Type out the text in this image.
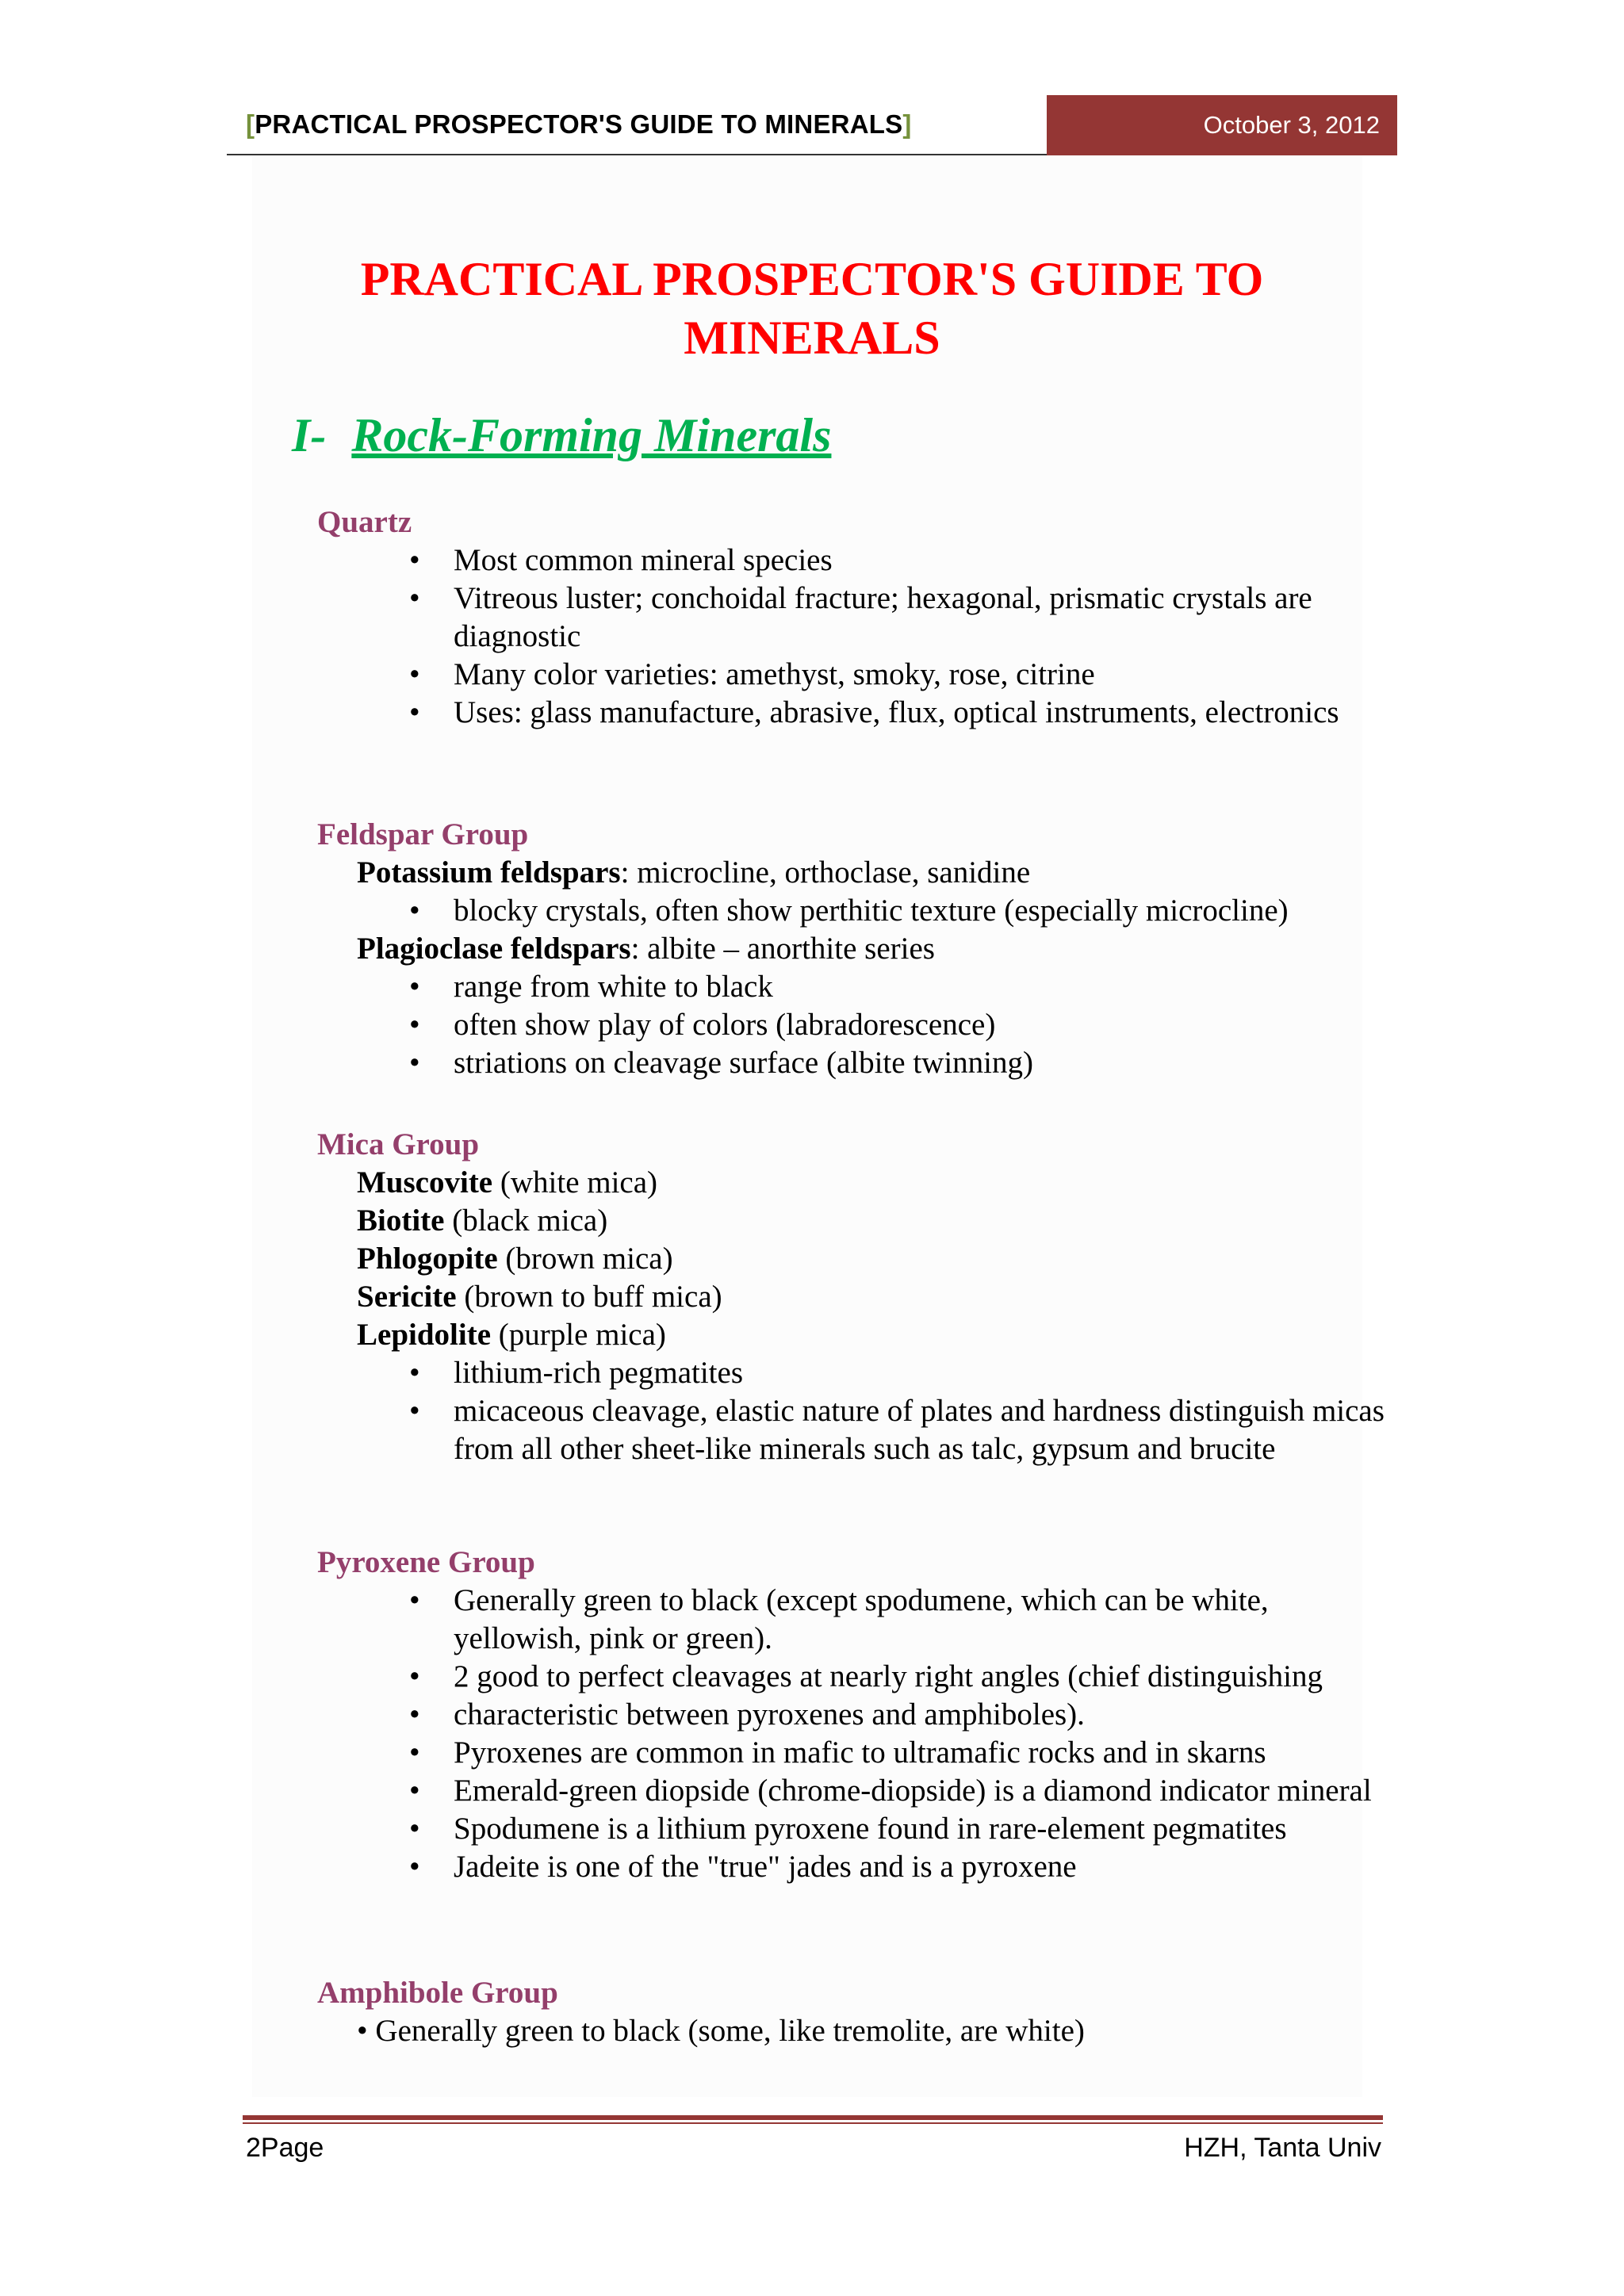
[PRACTICAL PROSPECTOR'S GUIDE TO MINERALS]	October 3, 2012
PRACTICAL PROSPECTOR'S GUIDE TO
MINERALS
I- Rock-Forming Minerals
Quartz
• Most common mineral species
• Vitreous luster; conchoidal fracture; hexagonal, prismatic crystals are diagnostic
• Many color varieties: amethyst, smoky, rose, citrine
• Uses: glass manufacture, abrasive, flux, optical instruments, electronics
Feldspar Group
Potassium feldspars: microcline, orthoclase, sanidine
• blocky crystals, often show perthitic texture (especially microcline)
Plagioclase feldspars: albite – anorthite series
• range from white to black
• often show play of colors (labradorescence)
• striations on cleavage surface (albite twinning)
Mica Group
Muscovite (white mica)
Biotite (black mica)
Phlogopite (brown mica)
Sericite (brown to buff mica)
Lepidolite (purple mica)
• lithium-rich pegmatites
• micaceous cleavage, elastic nature of plates and hardness distinguish micas from all other sheet-like minerals such as talc, gypsum and brucite
Pyroxene Group
• Generally green to black (except spodumene, which can be white, yellowish, pink or green).
• 2 good to perfect cleavages at nearly right angles (chief distinguishing
• characteristic between pyroxenes and amphiboles).
• Pyroxenes are common in mafic to ultramafic rocks and in skarns
• Emerald-green diopside (chrome-diopside) is a diamond indicator mineral
• Spodumene is a lithium pyroxene found in rare-element pegmatites
• Jadeite is one of the "true" jades and is a pyroxene
Amphibole Group
• Generally green to black (some, like tremolite, are white)
2Page	HZH, Tanta Univ
